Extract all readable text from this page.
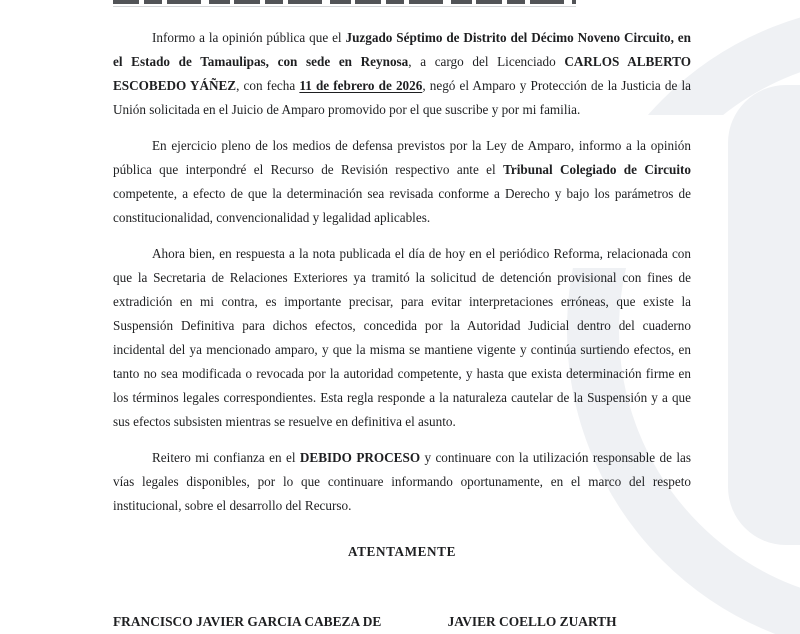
Informo a la opinión pública que el Juzgado Séptimo de Distrito del Décimo Noveno Circuito, en el Estado de Tamaulipas, con sede en Reynosa, a cargo del Licenciado CARLOS ALBERTO ESCOBEDO YÁÑEZ, con fecha 11 de febrero de 2026, negó el Amparo y Protección de la Justicia de la Unión solicitada en el Juicio de Amparo promovido por el que suscribe y por mi familia.
En ejercicio pleno de los medios de defensa previstos por la Ley de Amparo, informo a la opinión pública que interpondré el Recurso de Revisión respectivo ante el Tribunal Colegiado de Circuito competente, a efecto de que la determinación sea revisada conforme a Derecho y bajo los parámetros de constitucionalidad, convencionalidad y legalidad aplicables.
Ahora bien, en respuesta a la nota publicada el día de hoy en el periódico Reforma, relacionada con que la Secretaria de Relaciones Exteriores ya tramitó la solicitud de detención provisional con fines de extradición en mi contra, es importante precisar, para evitar interpretaciones erróneas, que existe la Suspensión Definitiva para dichos efectos, concedida por la Autoridad Judicial dentro del cuaderno incidental del ya mencionado amparo, y que la misma se mantiene vigente y continúa surtiendo efectos, en tanto no sea modificada o revocada por la autoridad competente, y hasta que exista determinación firme en los términos legales correspondientes. Esta regla responde a la naturaleza cautelar de la Suspensión y a que sus efectos subsisten mientras se resuelve en definitiva el asunto.
Reitero mi confianza en el DEBIDO PROCESO y continuare con la utilización responsable de las vías legales disponibles, por lo que continuare informando oportunamente, en el marco del respeto institucional, sobre el desarrollo del Recurso.
ATENTAMENTE
FRANCISCO JAVIER GARCIA CABEZA DE	JAVIER COELLO ZUARTH
